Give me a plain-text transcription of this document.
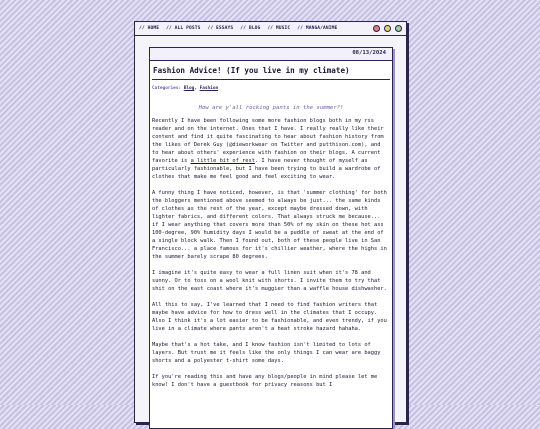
// HOME // ALL POSTS // ESSAYS // BLOG // MUSIC // MANGA/ANIME
08/13/2024
Fashion Advice! (If you live in my climate)
Categories: Blog, Fashion
How are y'all rocking pants in the summer?!

Recently I have been following some more fashion blogs both in my rss reader and on the internet. Ones that I have. I really really like their content and find it quite fascinating to hear about fashion history from the likes of Derek Guy (@dieworkwear on Twitter and putthison.com), and to hear about others' experience with fashion on their blogs. A current favorite is a little bit of rest. I have never thought of myself as particularly fashionable, but I have been trying to build a wardrobe of clothes that make me feel good and feel exciting to wear.

A funny thing I have noticed, however, is that 'summer clothing' for both the bloggers mentioned above seemed to always be just... the same kinds of clothes as the rest of the year, except maybe dressed down, with lighter fabrics, and different colors. That always struck me because... if I wear anything that covers more than 50% of my skin on these hot ass 100-degree, 90% humidity days I would be a puddle of sweat at the end of a single block walk. Then I found out, both of these people live in San Francisco... a place famous for it's chillier weather, where the highs in the summer barely scrape 80 degrees.

I imagine it's quite easy to wear a full linen suit when it's 78 and sunny. Or to toss on a wool knit with shorts. I invite them to try that shit on the east coast where it's muggier than a waffle house dishwasher.

All this to say, I've learned that I need to find fashion writers that maybe have advice for how to dress well in the climates that I occupy. Also I think it's a lot easier to be fashionable, and even trendy, if you live in a climate where pants aren't a heat stroke hazard hahaha.

Maybe that's a hot take, and I know fashion isn't limited to lots of layers. But trust me it feels like the only things I can wear are baggy shorts and a polyester t-shirt some days.

If you're reading this and have any blogs/people in mind please let me know! I don't have a guestbook for privacy reasons but I
